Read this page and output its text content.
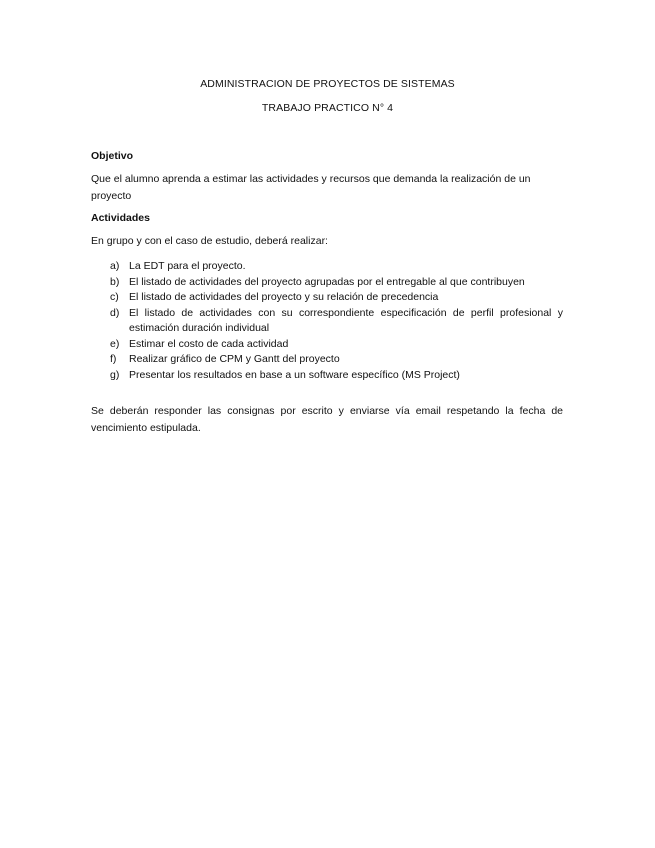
ADMINISTRACION DE PROYECTOS DE SISTEMAS
TRABAJO PRACTICO N° 4

Objetivo

Que el alumno aprenda a estimar las actividades y recursos que demanda la realización de un proyecto

Actividades

En grupo y con el caso de estudio, deberá realizar:

a) La EDT para el proyecto.
b) El listado de actividades del proyecto agrupadas por el entregable al que contribuyen
c) El listado de actividades del proyecto y su relación de precedencia
d) El listado de actividades con su correspondiente especificación de perfil profesional y estimación duración individual
e) Estimar el costo de cada actividad
f) Realizar gráfico de CPM y Gantt del proyecto
g) Presentar los resultados en base a un software específico (MS Project)

Se deberán responder las consignas por escrito y enviarse vía email respetando la fecha de vencimiento estipulada.
